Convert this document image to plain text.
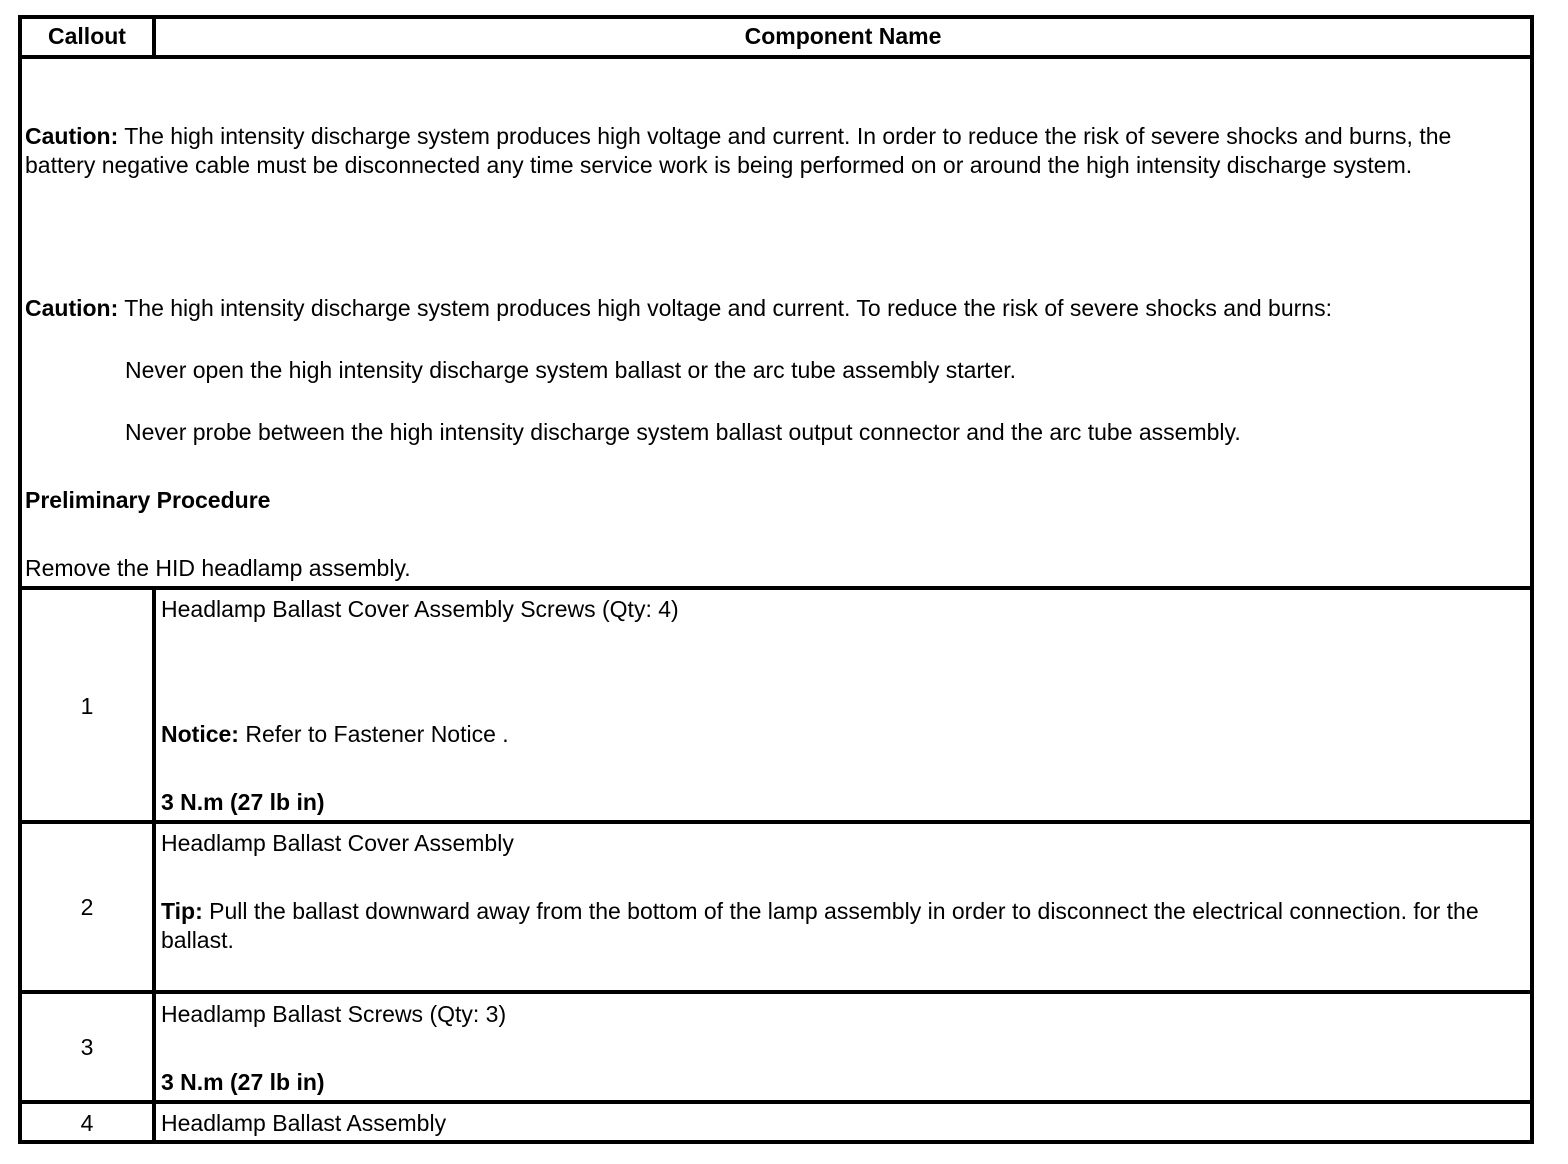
Callout	Component Name
Caution: The high intensity discharge system produces high voltage and current. In order to reduce the risk of severe shocks and burns, the battery negative cable must be disconnected any time service work is being performed on or around the high intensity discharge system.
Caution: The high intensity discharge system produces high voltage and current. To reduce the risk of severe shocks and burns:
Never open the high intensity discharge system ballast or the arc tube assembly starter.
Never probe between the high intensity discharge system ballast output connector and the arc tube assembly.
Preliminary Procedure
Remove the HID headlamp assembly.
1
Headlamp Ballast Cover Assembly Screws (Qty: 4)
Notice: Refer to Fastener Notice .
3 N.m (27 lb in)
2
Headlamp Ballast Cover Assembly
Tip: Pull the ballast downward away from the bottom of the lamp assembly in order to disconnect the electrical connection. for the ballast.
3
Headlamp Ballast Screws (Qty: 3)
3 N.m (27 lb in)
4	Headlamp Ballast Assembly
